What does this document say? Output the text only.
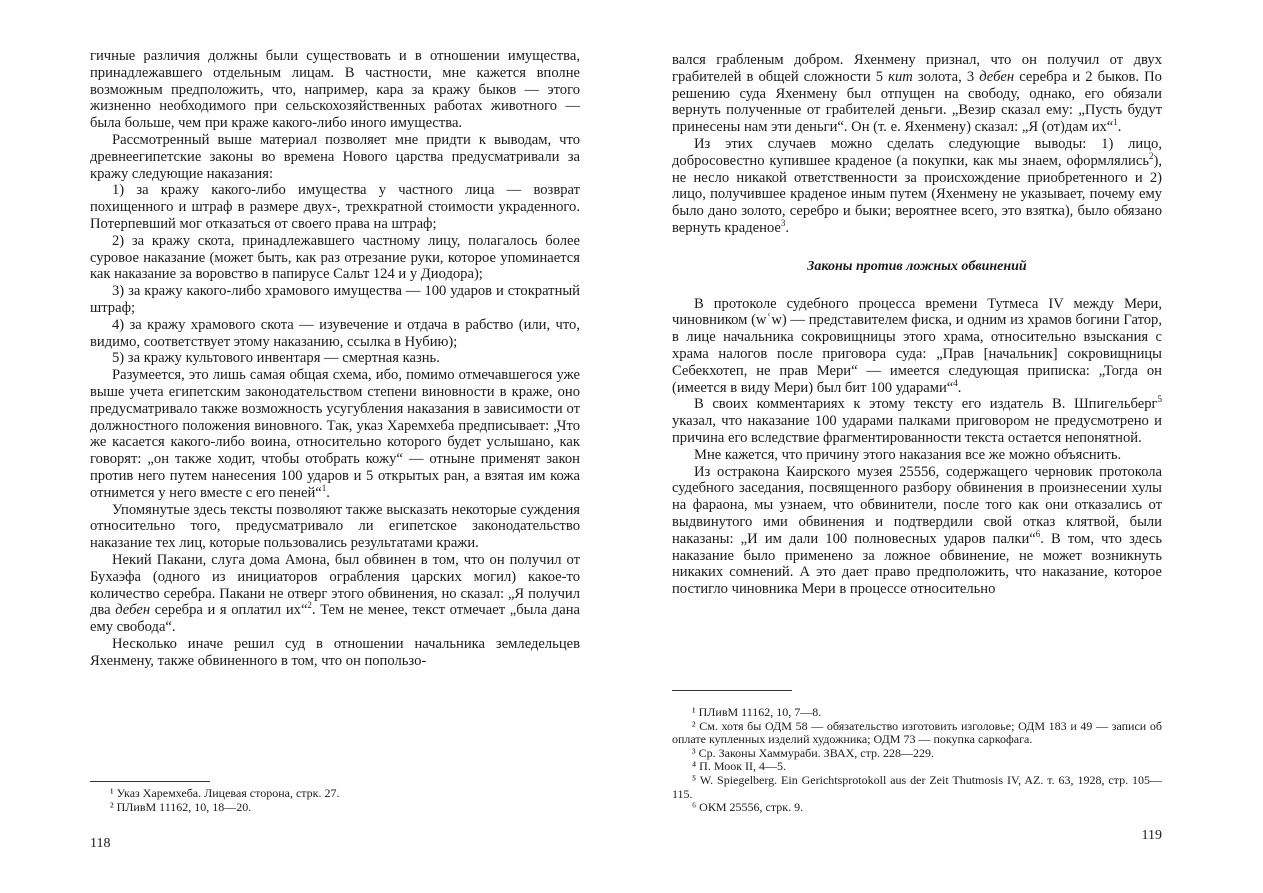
гичные различия должны были существовать и в отношении имущества, принадлежавшего отдельным лицам. В частности, мне кажется вполне возможным предположить, что, например, кара за кражу быков — этого жизненно необходимого при сельскохозяйственных работах животного — была больше, чем при краже какого-либо иного имущества.

Рассмотренный выше материал позволяет мне придти к выводам, что древнеегипетские законы во времена Нового царства предусматривали за кражу следующие наказания:

1) за кражу какого-либо имущества у частного лица — возврат похищенного и штраф в размере двух-, трехкратной стоимости украденного. Потерпевший мог отказаться от своего права на штраф;

2) за кражу скота, принадлежавшего частному лицу, полагалось более суровое наказание (может быть, как раз отрезание руки, которое упоминается как наказание за воровство в папирусе Сальт 124 и у Диодора);

3) за кражу какого-либо храмового имущества — 100 ударов и стократный штраф;

4) за кражу храмового скота — изувечение и отдача в рабство (или, что, видимо, соответствует этому наказанию, ссылка в Нубию);

5) за кражу культового инвентаря — смертная казнь.

Разумеется, это лишь самая общая схема, ибо, помимо отмечавшегося уже выше учета египетским законодательством степени виновности в краже, оно предусматривало также возможность усугубления наказания в зависимости от должностного положения виновного. Так, указ Харемхеба предписывает: „Что же касается какого-либо воина, относительно которого будет услышано, как говорят: „он также ходит, чтобы отобрать кожу“ — отныне применят закон против него путем нанесения 100 ударов и 5 открытых ран, а взятая им кожа отнимется у него вместе с его пеней“$^1$.

Упомянутые здесь тексты позволяют также высказать некоторые суждения относительно того, предусматривало ли египетское законодательство наказание тех лиц, которые пользовались результатами кражи.

Некий Пакани, слуга дома Амона, был обвинен в том, что он получил от Бухаэфа (одного из инициаторов ограбления царских могил) какое-то количество серебра. Пакани не отверг этого обвинения, но сказал: „Я получил два дебен серебра и я оплатил их“$^2$. Тем не менее, текст отмечает „была дана ему свобода“.

Несколько иначе решил суд в отношении начальника земледельцев Яхенмену, также обвиненного в том, что он попользо-

¹ Указ Харемхеба. Лицевая сторона, стрк. 27.

² ПЛивМ 11162, 10, 18—20.

118

вался грабленым добром. Яхенмену признал, что он получил от двух грабителей в общей сложности 5 кит золота, 3 дебен серебра и 2 быков. По решению суда Яхенмену был отпущен на свободу, однако, его обязали вернуть полученные от грабителей деньги. „Везир сказал ему: „Пусть будут принесены нам эти деньги“. Он (т. е. Яхенмену) сказал: „Я (от)дам их“$^1$.

Из этих случаев можно сделать следующие выводы: 1) лицо, добросовестно купившее краденое (а покупки, как мы знаем, оформлялись$^2$), не несло никакой ответственности за происхождение приобретенного и 2) лицо, получившее краденое иным путем (Яхенмену не указывает, почему ему было дано золото, серебро и быки; вероятнее всего, это взятка), было обязано вернуть краденое$^3$.

Законы против ложных обвинений

В протоколе судебного процесса времени Тутмеса IV между Мери, чиновником (wʿw) — представителем фиска, и одним из храмов богини Гатор, в лице начальника сокровищницы этого храма, относительно взыскания с храма налогов после приговора суда: „Прав [начальник] сокровищницы Себекхотеп, не прав Мери“ — имеется следующая приписка: „Тогда он (имеется в виду Мери) был бит 100 ударами“$^4$.

В своих комментариях к этому тексту его издатель В. Шпигельберг$^5$ указал, что наказание 100 ударами палками приговором не предусмотрено и причина его вследствие фрагментированности текста остается непонятной.

Мне кажется, что причину этого наказания все же можно объяснить.

Из остракона Каирского музея 25556, содержащего черновик протокола судебного заседания, посвященного разбору обвинения в произнесении хулы на фараона, мы узнаем, что обвинители, после того как они отказались от выдвинутого ими обвинения и подтвердили свой отказ клятвой, были наказаны: „И им дали 100 полновесных ударов палки“$^6$. В том, что здесь наказание было применено за ложное обвинение, не может возникнуть никаких сомнений. А это дает право предположить, что наказание, которое постигло чиновника Мери в процессе относительно

¹ ПЛивМ 11162, 10, 7—8.

² См. хотя бы ОДМ 58 — обязательство изготовить изголовье; ОДМ 183 и 49 — записи об оплате купленных изделий художника; ОДМ 73 — покупка саркофага.

³ Ср. Законы Хаммураби. ЗВАХ, стр. 228—229.

⁴ П. Моок II, 4—5.

⁵ W. Spiegelberg. Ein Gerichtsprotokoll aus der Zeit Thutmosis IV, AZ. т. 63, 1928, стр. 105—115.

⁶ ОКМ 25556, стрк. 9.

119
